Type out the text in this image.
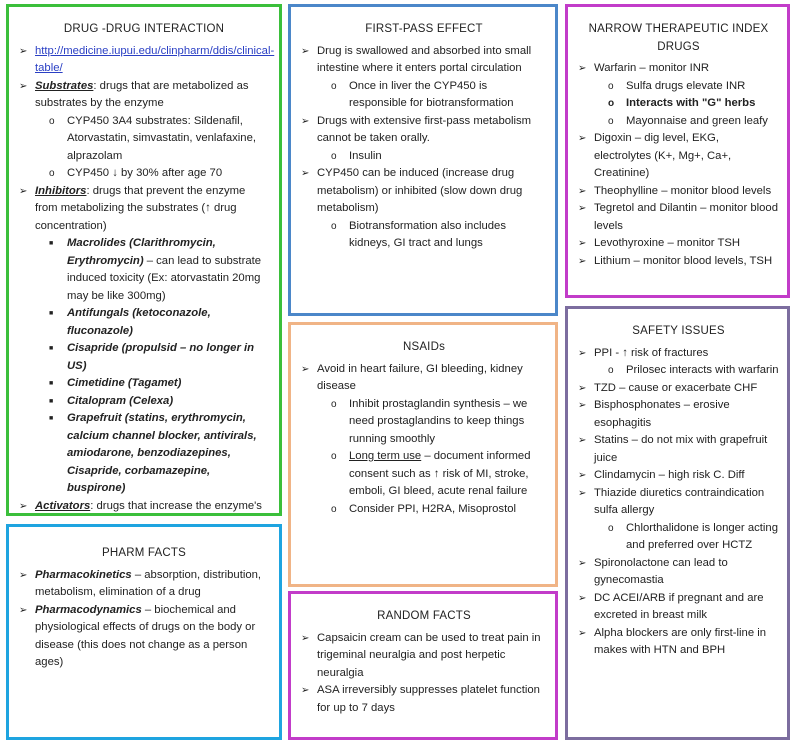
DRUG -DRUG INTERACTION
➢ http://medicine.iupui.edu/clinpharm/ddis/clinical-table/
➢ Substrates: drugs that are metabolized as substrates by the enzyme
o CYP450 3A4 substrates: Sildenafil, Atorvastatin, simvastatin, venlafaxine, alprazolam
o CYP450 ↓ by 30% after age 70
➢ Inhibitors: drugs that prevent the enzyme from metabolizing the substrates (↑ drug concentration)
■ Macrolides (Clarithromycin, Erythromycin) – can lead to substrate induced toxicity (Ex: atorvastatin 20mg may be like 300mg)
■ Antifungals (ketoconazole, fluconazole)
■ Cisapride (propulsid – no longer in US)
■ Cimetidine (Tagamet)
■ Citalopram (Celexa)
■ Grapefruit (statins, erythromycin, calcium channel blocker, antivirals, amiodarone, benzodiazepines, Cisapride, corbamazepine, buspirone)
➢ Activators: drugs that increase the enzyme's
FIRST-PASS EFFECT
➢ Drug is swallowed and absorbed into small intestine where it enters portal circulation
o Once in liver the CYP450 is responsible for biotransformation
➢ Drugs with extensive first-pass metabolism cannot be taken orally.
o Insulin
➢ CYP450 can be induced (increase drug metabolism) or inhibited (slow down drug metabolism)
o Biotransformation also includes kidneys, GI tract and lungs
NARROW THERAPEUTIC INDEX DRUGS
➢ Warfarin – monitor INR
o Sulfa drugs elevate INR
o Interacts with "G" herbs
o Mayonnaise and green leafy
➢ Digoxin – dig level, EKG, electrolytes (K+, Mg+, Ca+, Creatinine)
➢ Theophylline – monitor blood levels
➢ Tegretol and Dilantin – monitor blood levels
➢ Levothyroxine – monitor TSH
➢ Lithium – monitor blood levels, TSH
NSAIDs
➢ Avoid in heart failure, GI bleeding, kidney disease
o Inhibit prostaglandin synthesis – we need prostaglandins to keep things running smoothly
o Long term use – document informed consent such as ↑ risk of MI, stroke, emboli, GI bleed, acute renal failure
o Consider PPI, H2RA, Misoprostol
SAFETY ISSUES
➢ PPI - ↑ risk of fractures
o Prilosec interacts with warfarin
➢ TZD – cause or exacerbate CHF
➢ Bisphosphonates – erosive esophagitis
➢ Statins – do not mix with grapefruit juice
➢ Clindamycin – high risk C. Diff
➢ Thiazide diuretics contraindication sulfa allergy
o Chlorthalidone is longer acting and preferred over HCTZ
➢ Spironolactone can lead to gynecomastia
➢ DC ACEI/ARB if pregnant and are excreted in breast milk
➢ Alpha blockers are only first-line in makes with HTN and BPH
PHARM FACTS
➢ Pharmacokinetics – absorption, distribution, metabolism, elimination of a drug
➢ Pharmacodynamics – biochemical and physiological effects of drugs on the body or disease (this does not change as a person ages)
RANDOM FACTS
➢ Capsaicin cream can be used to treat pain in trigeminal neuralgia and post herpetic neuralgia
➢ ASA irreversibly suppresses platelet function for up to 7 days
